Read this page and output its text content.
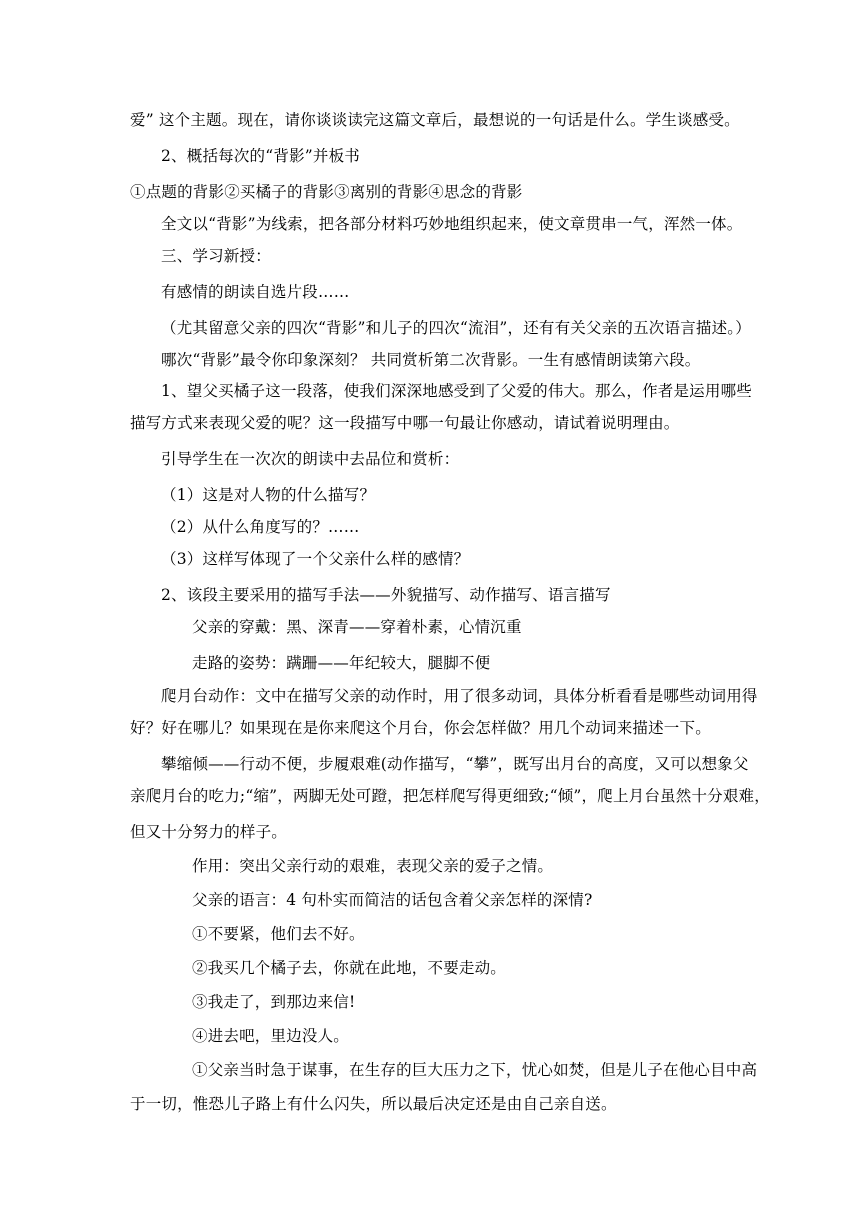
爱” 这个主题。现在，请你谈谈读完这篇文章后，最想说的一句话是什么。学生谈感受。
2、概括每次的“背影”并板书
①点题的背影②买橘子的背影③离别的背影④思念的背影
全文以“背影”为线索，把各部分材料巧妙地组织起来，使文章贯串一气，浑然一体。
三、学习新授：
有感情的朗读自选片段……
（尤其留意父亲的四次“背影”和儿子的四次“流泪”，还有有关父亲的五次语言描述。）
哪次“背影”最令你印象深刻？ 共同赏析第二次背影。一生有感情朗读第六段。
1、望父买橘子这一段落，使我们深深地感受到了父爱的伟大。那么，作者是运用哪些
描写方式来表现父爱的呢？这一段描写中哪一句最让你感动，请试着说明理由。
引导学生在一次次的朗读中去品位和赏析：
（1）这是对人物的什么描写？
（2）从什么角度写的？……
（3）这样写体现了一个父亲什么样的感情？
2、该段主要采用的描写手法——外貌描写、动作描写、语言描写
父亲的穿戴：黑、深青——穿着朴素，心情沉重
走路的姿势：蹒跚——年纪较大，腿脚不便
爬月台动作：文中在描写父亲的动作时，用了很多动词，具体分析看看是哪些动词用得
好？好在哪儿？如果现在是你来爬这个月台，你会怎样做？用几个动词来描述一下。
攀缩倾——行动不便，步履艰难(动作描写，“攀”，既写出月台的高度，又可以想象父
亲爬月台的吃力;“缩”，两脚无处可蹬，把怎样爬写得更细致;“倾”，爬上月台虽然十分艰难，
但又十分努力的样子。
作用：突出父亲行动的艰难，表现父亲的爱子之情。
父亲的语言：4 句朴实而简洁的话包含着父亲怎样的深情?
①不要紧，他们去不好。
②我买几个橘子去，你就在此地，不要走动。
③我走了，到那边来信!
④进去吧，里边没人。
①父亲当时急于谋事，在生存的巨大压力之下，忧心如焚，但是儿子在他心目中高
于一切，惟恐儿子路上有什么闪失，所以最后决定还是由自己亲自送。
